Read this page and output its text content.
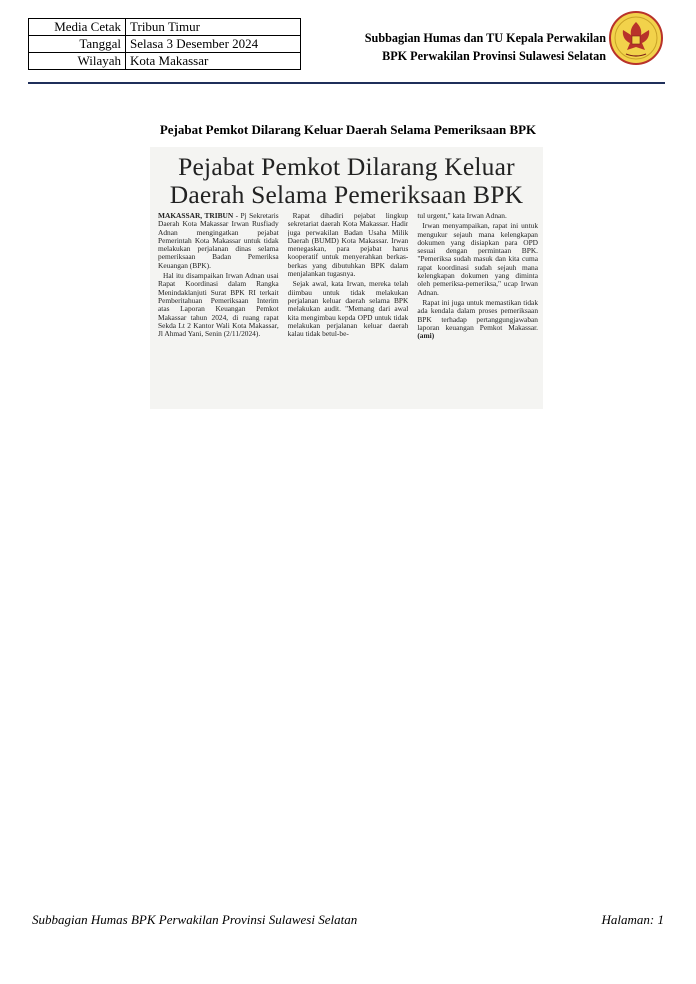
Media Cetak	Tribun Timur
Tanggal	Selasa 3 Desember 2024
Wilayah	Kota Makassar
Subbagian Humas dan TU Kepala Perwakilan
BPK Perwakilan Provinsi Sulawesi Selatan
Pejabat Pemkot Dilarang Keluar Daerah Selama Pemeriksaan BPK
Pejabat Pemkot Dilarang Keluar
Daerah Selama Pemeriksaan BPK

MAKASSAR, TRIBUN - Pj Sekretaris Daerah Kota Makassar Irwan Rusfiady Adnan mengingatkan pejabat Pemerintah Kota Makassar untuk tidak melakukan perjalanan dinas selama pemeriksaan Badan Pemeriksa Keuangan (BPK).

Hal itu disampaikan Irwan Adnan usai Rapat Koordinasi dalam Rangka Menindaklanjuti Surat BPK RI terkait Pemberitahuan Pemeriksaan Interim atas Laporan Keuangan Pemkot Makassar tahun 2024, di ruang rapat Sekda Lt 2 Kantor Wali Kota Makassar, Jl Ahmad Yani, Senin (2/11/2024).

Rapat dihadiri pejabat lingkup sekretariat daerah Kota Makassar. Hadir juga perwakilan Badan Usaha Milik Daerah (BUMD) Kota Makassar. Irwan menegaskan, para pejabat harus kooperatif untuk menyerahkan berkas-berkas yang dibutuhkan BPK dalam menjalankan tugasnya.

Sejak awal, kata Irwan, mereka telah diimbau untuk tidak melakukan perjalanan keluar daerah selama BPK melakukan audit. "Memang dari awal kita mengimbau kepda OPD untuk tidak melakukan perjalanan keluar daerah kalau tidak betul-be-

tul urgent," kata Irwan Adnan.

Irwan menyampaikan, rapat ini untuk mengukur sejauh mana kelengkapan dokumen yang disiapkan para OPD sesuai dengan permintaan BPK. "Pemeriksa sudah masuk dan kita cuma rapat koordinasi sudah sejauh mana kelengkapan dokumen yang diminta oleh pemeriksa-pemeriksa," ucap Irwan Adnan.

Rapat ini juga untuk memastikan tidak ada kendala dalam proses pemeriksaan BPK terhadap pertanggungjawaban laporan keuangan Pemkot Makassar. (ami)

Subbagian Humas BPK Perwakilan Provinsi Sulawesi Selatan	Halaman: 1
